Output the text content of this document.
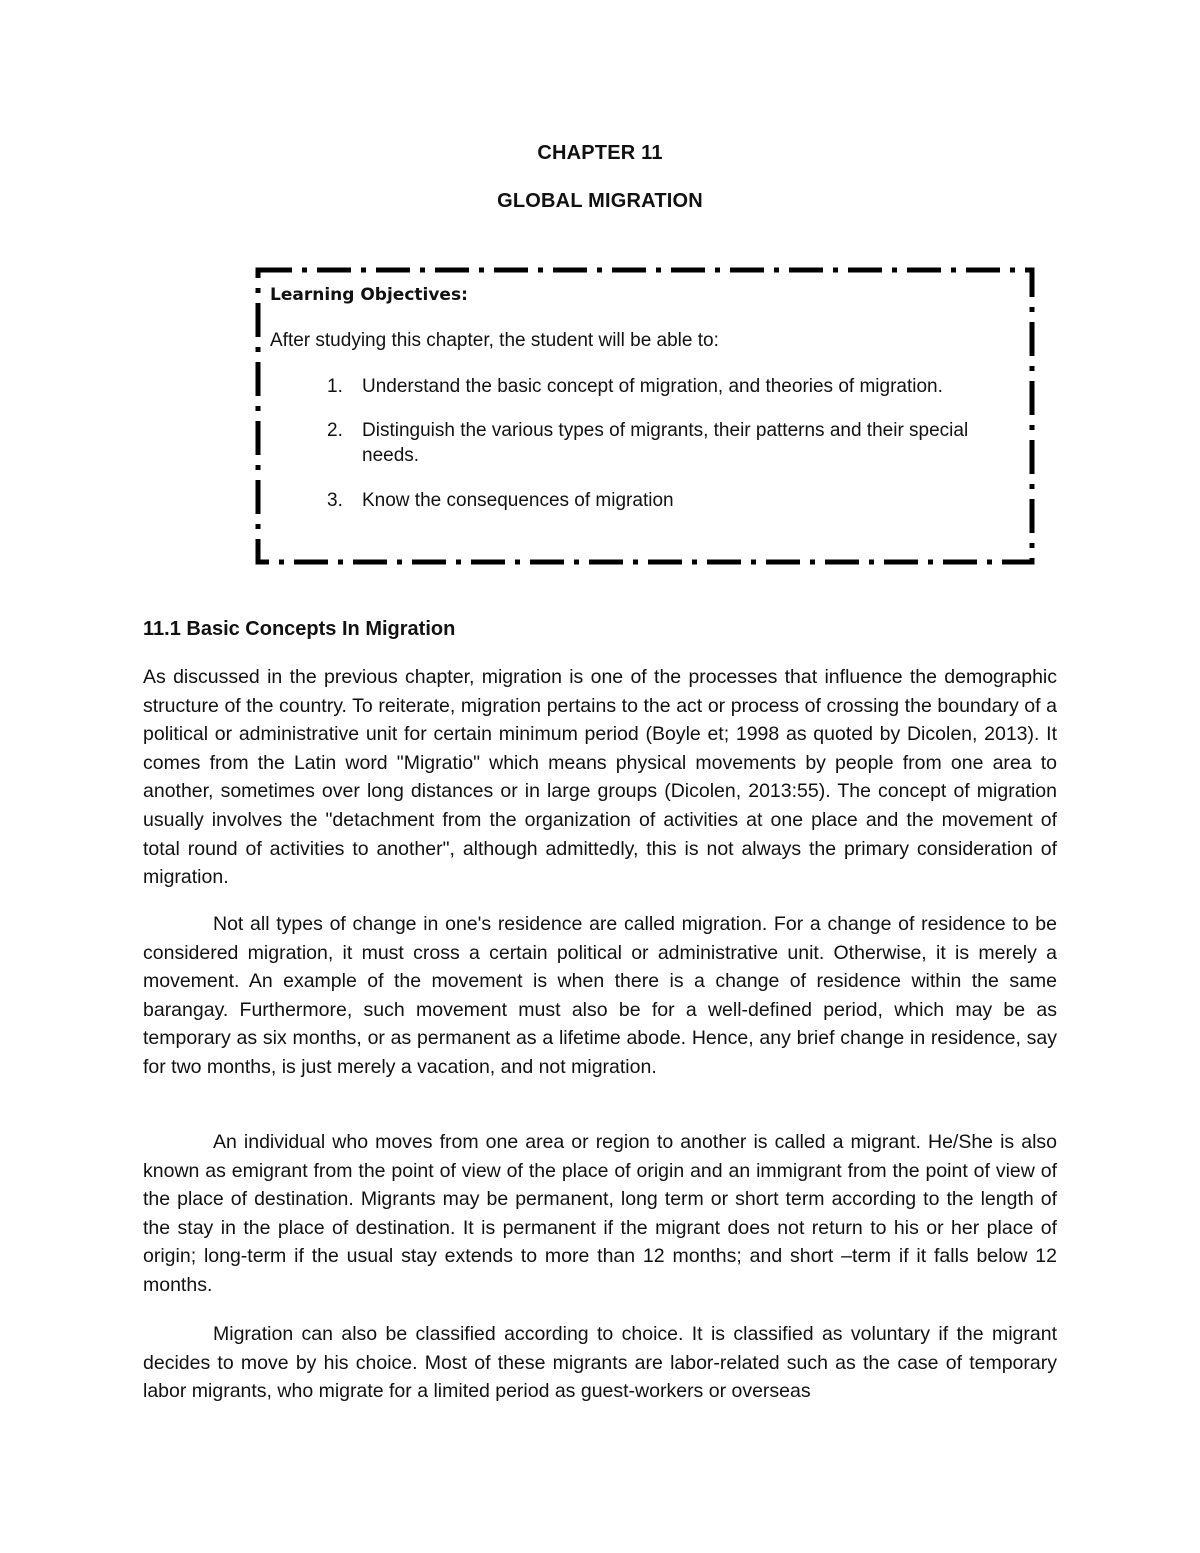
CHAPTER 11
GLOBAL MIGRATION
Learning Objectives:
After studying this chapter, the student will be able to:
1. Understand the basic concept of migration, and theories of migration.
2. Distinguish the various types of migrants, their patterns and their special needs.
3. Know the consequences of migration
11.1 Basic Concepts In Migration

As discussed in the previous chapter, migration is one of the processes that influence the demographic structure of the country. To reiterate, migration pertains to the act or process of crossing the boundary of a political or administrative unit for certain minimum period (Boyle et; 1998 as quoted by Dicolen, 2013). It comes from the Latin word "Migratio" which means physical movements by people from one area to another, sometimes over long distances or in large groups (Dicolen, 2013:55). The concept of migration usually involves the "detachment from the organization of activities at one place and the movement of total round of activities to another", although admittedly, this is not always the primary consideration of migration.

Not all types of change in one's residence are called migration. For a change of residence to be considered migration, it must cross a certain political or administrative unit. Otherwise, it is merely a movement. An example of the movement is when there is a change of residence within the same barangay. Furthermore, such movement must also be for a well-defined period, which may be as temporary as six months, or as permanent as a lifetime abode. Hence, any brief change in residence, say for two months, is just merely a vacation, and not migration.

An individual who moves from one area or region to another is called a migrant. He/She is also known as emigrant from the point of view of the place of origin and an immigrant from the point of view of the place of destination. Migrants may be permanent, long term or short term according to the length of the stay in the place of destination. It is permanent if the migrant does not return to his or her place of origin; long-term if the usual stay extends to more than 12 months; and short –term if it falls below 12 months.

Migration can also be classified according to choice. It is classified as voluntary if the migrant decides to move by his choice. Most of these migrants are labor-related such as the case of temporary labor migrants, who migrate for a limited period as guest-workers or overseas
